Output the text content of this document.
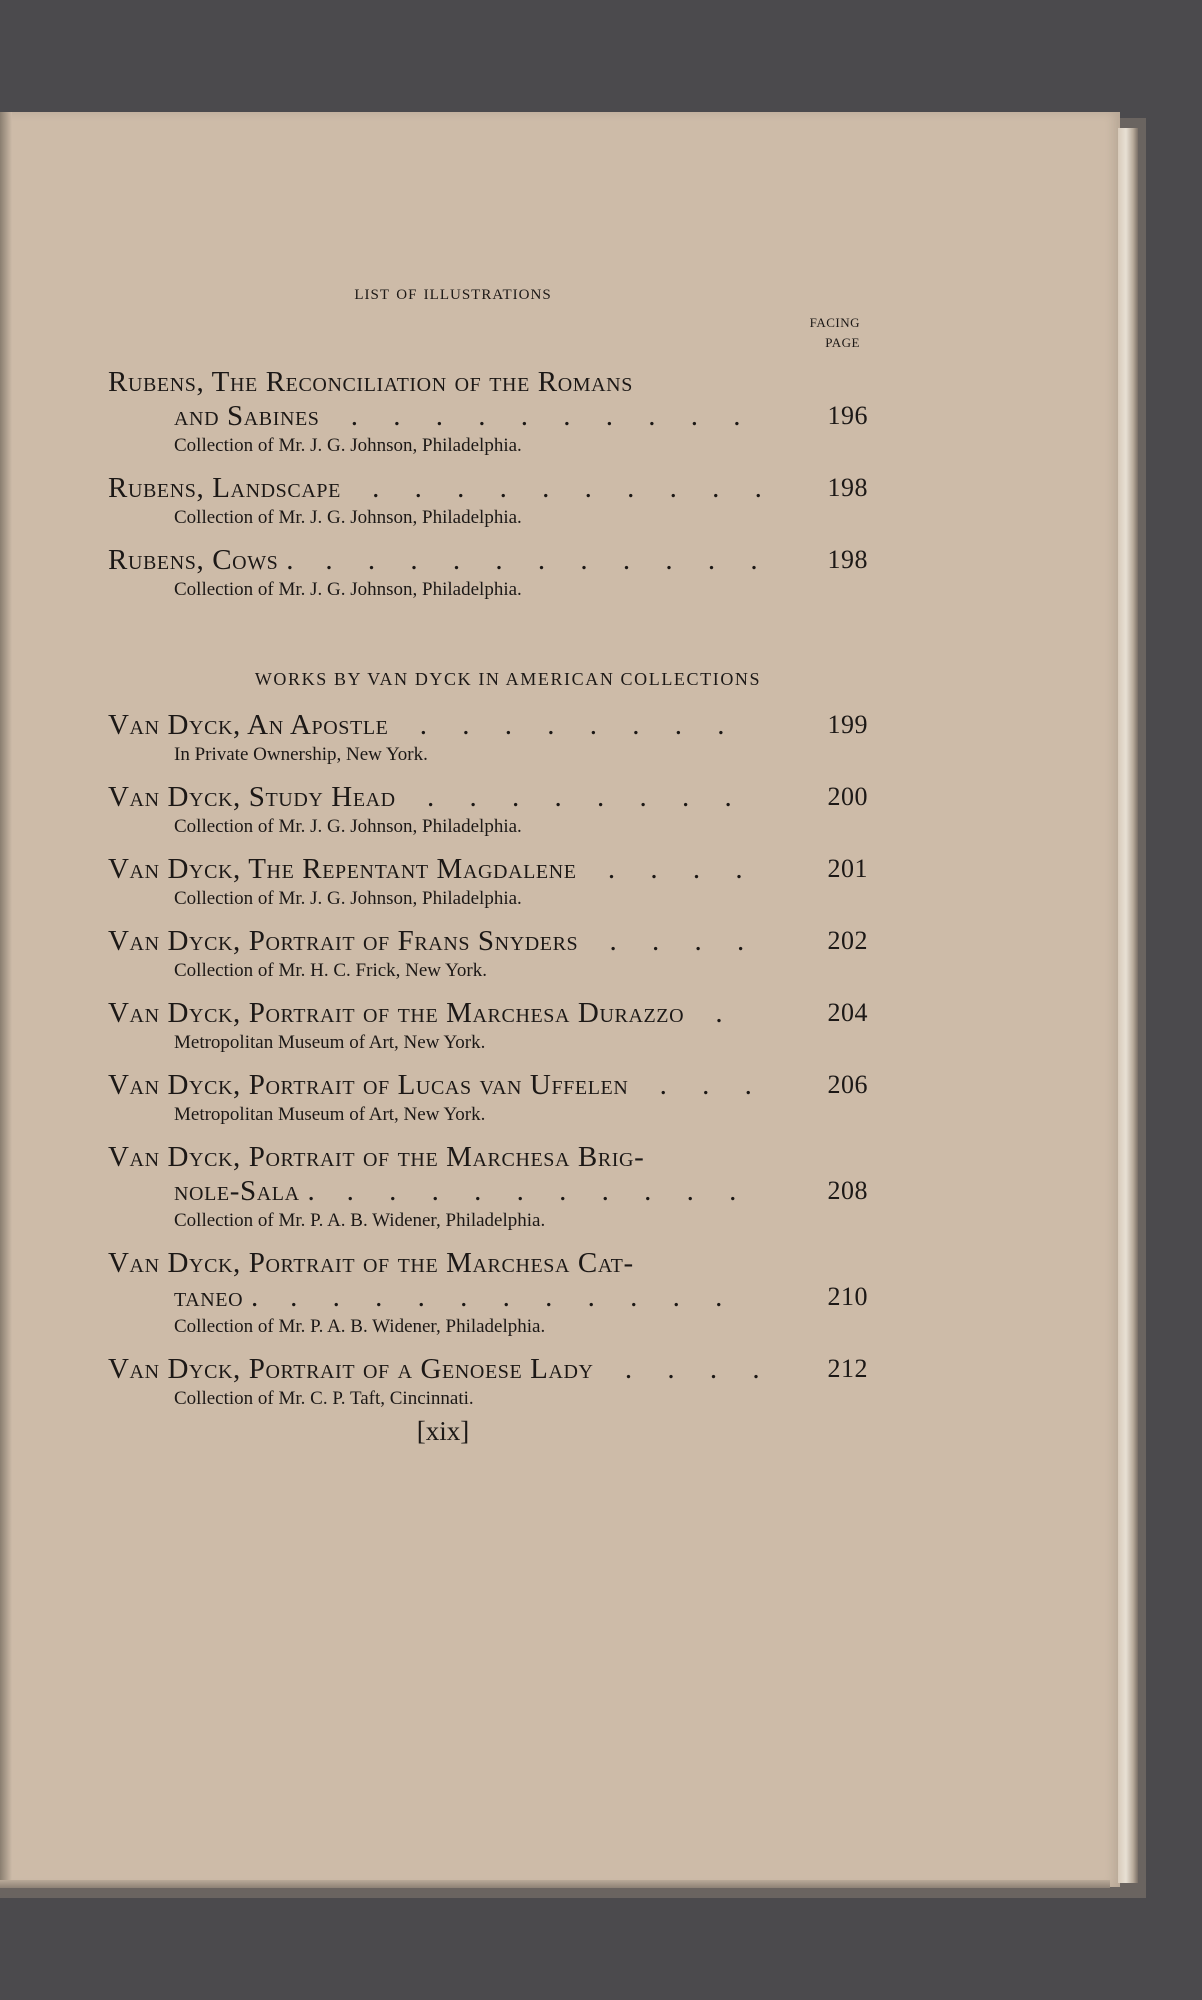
list of illustrations
FACING
PAGE
Rubens, The Reconciliation of the Romans
and Sabines . . . . . . . . . .	196
Collection of Mr. J. G. Johnson, Philadelphia.
Rubens, Landscape . . . . . . . . . .	198
Collection of Mr. J. G. Johnson, Philadelphia.
Rubens, Cows . . . . . . . . . . . .	198
Collection of Mr. J. G. Johnson, Philadelphia.
WORKS BY VAN DYCK IN AMERICAN COLLECTIONS
Van Dyck, An Apostle . . . . . . . .	199
In Private Ownership, New York.
Van Dyck, Study Head . . . . . . . .	200
Collection of Mr. J. G. Johnson, Philadelphia.
Van Dyck, The Repentant Magdalene . . . .	201
Collection of Mr. J. G. Johnson, Philadelphia.
Van Dyck, Portrait of Frans Snyders . . . .	202
Collection of Mr. H. C. Frick, New York.
Van Dyck, Portrait of the Marchesa Durazzo .	204
Metropolitan Museum of Art, New York.
Van Dyck, Portrait of Lucas van Uffelen . . .	206
Metropolitan Museum of Art, New York.
Van Dyck, Portrait of the Marchesa Brig-
nole-Sala . . . . . . . . . . .	208
Collection of Mr. P. A. B. Widener, Philadelphia.
Van Dyck, Portrait of the Marchesa Cat-
taneo . . . . . . . . . . . .	210
Collection of Mr. P. A. B. Widener, Philadelphia.
Van Dyck, Portrait of a Genoese Lady . . . .	212
Collection of Mr. C. P. Taft, Cincinnati.
[xix]
